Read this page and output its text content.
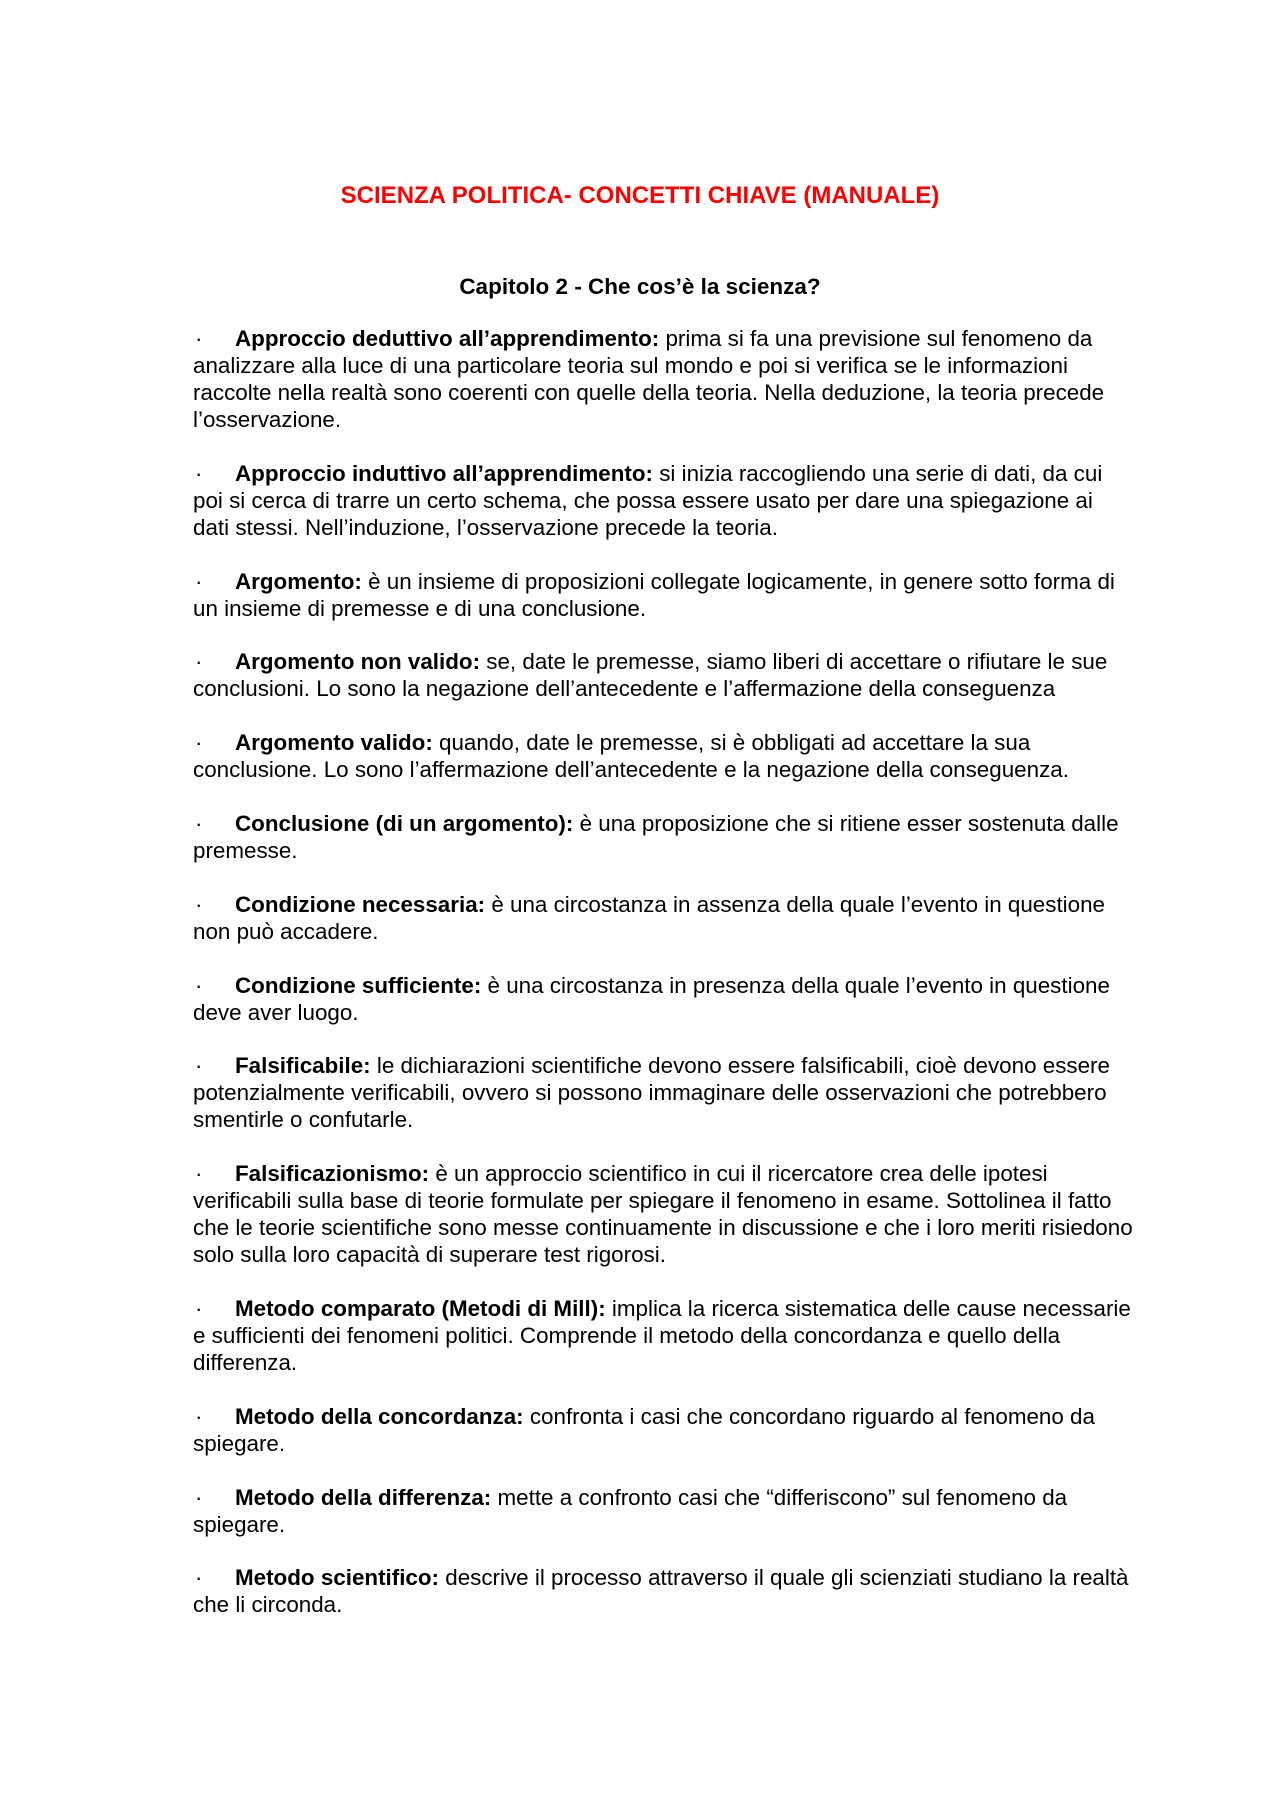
SCIENZA POLITICA- CONCETTI CHIAVE (MANUALE)
Capitolo 2 - Che cos’è la scienza?
· Approccio deduttivo all’apprendimento: prima si fa una previsione sul fenomeno da analizzare alla luce di una particolare teoria sul mondo e poi si verifica se le informazioni raccolte nella realtà sono coerenti con quelle della teoria. Nella deduzione, la teoria precede l’osservazione.
· Approccio induttivo all’apprendimento: si inizia raccogliendo una serie di dati, da cui poi si cerca di trarre un certo schema, che possa essere usato per dare una spiegazione ai dati stessi. Nell’induzione, l’osservazione precede la teoria.
· Argomento: è un insieme di proposizioni collegate logicamente, in genere sotto forma di un insieme di premesse e di una conclusione.
· Argomento non valido: se, date le premesse, siamo liberi di accettare o rifiutare le sue conclusioni. Lo sono la negazione dell’antecedente e l’affermazione della conseguenza
· Argomento valido: quando, date le premesse, si è obbligati ad accettare la sua conclusione. Lo sono l’affermazione dell’antecedente e la negazione della conseguenza.
· Conclusione (di un argomento): è una proposizione che si ritiene esser sostenuta dalle premesse.
· Condizione necessaria: è una circostanza in assenza della quale l’evento in questione non può accadere.
· Condizione sufficiente: è una circostanza in presenza della quale l’evento in questione deve aver luogo.
· Falsificabile: le dichiarazioni scientifiche devono essere falsificabili, cioè devono essere potenzialmente verificabili, ovvero si possono immaginare delle osservazioni che potrebbero smentirle o confutarle.
· Falsificazionismo: è un approccio scientifico in cui il ricercatore crea delle ipotesi verificabili sulla base di teorie formulate per spiegare il fenomeno in esame. Sottolinea il fatto che le teorie scientifiche sono messe continuamente in discussione e che i loro meriti risiedono solo sulla loro capacità di superare test rigorosi.
· Metodo comparato (Metodi di Mill): implica la ricerca sistematica delle cause necessarie e sufficienti dei fenomeni politici. Comprende il metodo della concordanza e quello della differenza.
· Metodo della concordanza: confronta i casi che concordano riguardo al fenomeno da spiegare.
· Metodo della differenza: mette a confronto casi che “differiscono” sul fenomeno da spiegare.
· Metodo scientifico: descrive il processo attraverso il quale gli scienziati studiano la realtà che li circonda.
